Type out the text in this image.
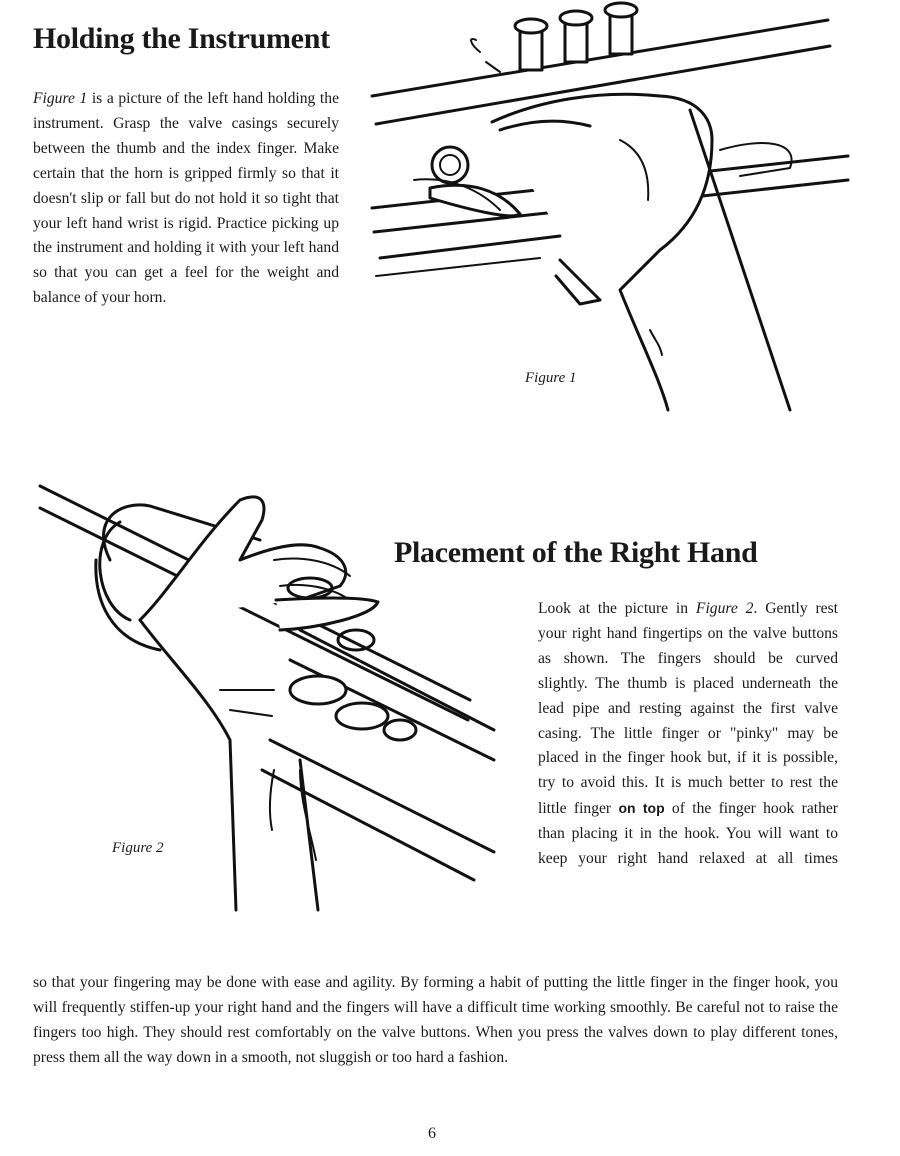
Holding the Instrument

Figure 1 is a picture of the left hand holding the instrument. Grasp the valve casings securely between the thumb and the index finger. Make certain that the horn is gripped firmly so that it doesn't slip or fall but do not hold it so tight that your left hand wrist is rigid. Practice picking up the instrument and holding it with your left hand so that you can get a feel for the weight and balance of your horn.

Figure 1
Placement of the Right Hand

Look at the picture in Figure 2. Gently rest your right hand fingertips on the valve buttons as shown. The fingers should be curved slightly. The thumb is placed underneath the lead pipe and resting against the first valve casing. The little finger or "pinky" may be placed in the finger hook but, if it is possible, try to avoid this. It is much better to rest the little finger on top of the finger hook rather than placing it in the hook. You will want to keep your right hand relaxed at all times

Figure 2

so that your fingering may be done with ease and agility. By forming a habit of putting the little finger in the finger hook, you will frequently stiffen-up your right hand and the fingers will have a difficult time working smoothly. Be careful not to raise the fingers too high. They should rest comfortably on the valve buttons. When you press the valves down to play different tones, press them all the way down in a smooth, not sluggish or too hard a fashion.

6
